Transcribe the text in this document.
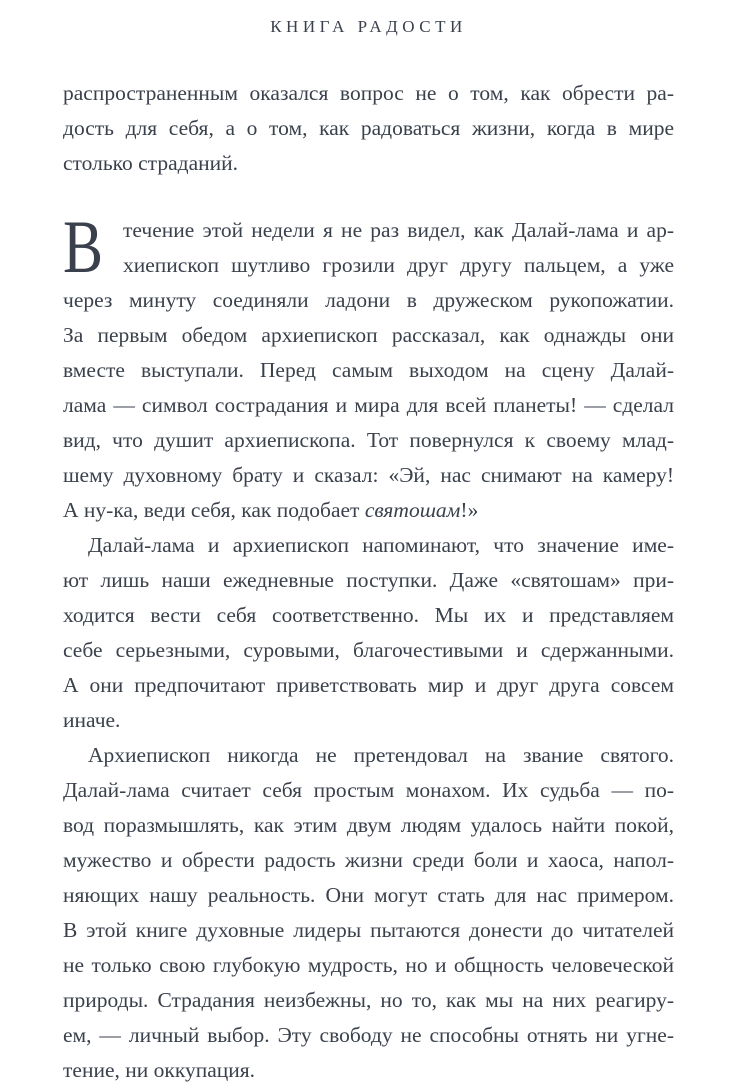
КНИГА РАДОСТИ
распространенным оказался вопрос не о том, как обрести ра-
дость для себя, а о том, как радоваться жизни, когда в мире
столько страданий.
В течение этой недели я не раз видел, как Далай-лама и ар-
хиепископ шутливо грозили друг другу пальцем, а уже
через минуту соединяли ладони в дружеском рукопожатии.
За первым обедом архиепископ рассказал, как однажды они
вместе выступали. Перед самым выходом на сцену Далай-
лама — символ сострадания и мира для всей планеты! — сделал
вид, что душит архиепископа. Тот повернулся к своему млад-
шему духовному брату и сказал: «Эй, нас снимают на камеру!
А ну-ка, веди себя, как подобает святошам!»
Далай-лама и архиепископ напоминают, что значение име-
ют лишь наши ежедневные поступки. Даже «святошам» при-
ходится вести себя соответственно. Мы их и представляем
себе серьезными, суровыми, благочестивыми и сдержанными.
А они предпочитают приветствовать мир и друг друга совсем
иначе.
Архиепископ никогда не претендовал на звание святого.
Далай-лама считает себя простым монахом. Их судьба — по-
вод поразмышлять, как этим двум людям удалось найти покой,
мужество и обрести радость жизни среди боли и хаоса, напол-
няющих нашу реальность. Они могут стать для нас примером.
В этой книге духовные лидеры пытаются донести до читателей
не только свою глубокую мудрость, но и общность человеческой
природы. Страдания неизбежны, но то, как мы на них реагиру-
ем, — личный выбор. Эту свободу не способны отнять ни угне-
тение, ни оккупация.
